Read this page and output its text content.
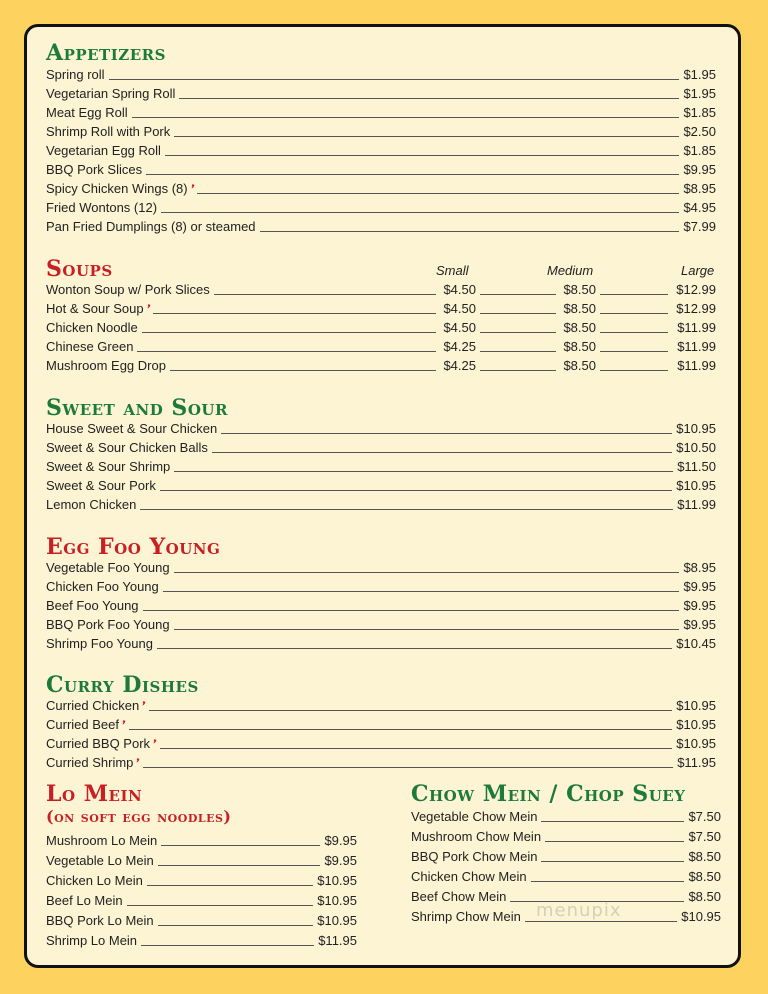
Appetizers
Spring roll	$1.95
Vegetarian Spring Roll	$1.95
Meat Egg Roll	$1.85
Shrimp Roll with Pork	$2.50
Vegetarian Egg Roll	$1.85
BBQ Pork Slices	$9.95
Spicy Chicken Wings (8) ❜	$8.95
Fried Wontons (12)	$4.95
Pan Fried Dumplings (8) or steamed	$7.99
Soups	Small	Medium	Large
Wonton Soup w/ Pork Slices	$4.50	$8.50	$12.99
Hot & Sour Soup ❜	$4.50	$8.50	$12.99
Chicken Noodle	$4.50	$8.50	$11.99
Chinese Green	$4.25	$8.50	$11.99
Mushroom Egg Drop	$4.25	$8.50	$11.99
Sweet and Sour
House Sweet & Sour Chicken	$10.95
Sweet & Sour Chicken Balls	$10.50
Sweet & Sour Shrimp	$11.50
Sweet & Sour Pork	$10.95
Lemon Chicken	$11.99
Egg Foo Young
Vegetable Foo Young	$8.95
Chicken Foo Young	$9.95
Beef Foo Young	$9.95
BBQ Pork Foo Young	$9.95
Shrimp Foo Young	$10.45
Curry Dishes
Curried Chicken ❜	$10.95
Curried Beef ❜	$10.95
Curried BBQ Pork ❜	$10.95
Curried Shrimp ❜	$11.95
Lo Mein
(on soft egg noodles)
Mushroom Lo Mein	$9.95
Vegetable Lo Mein	$9.95
Chicken Lo Mein	$10.95
Beef Lo Mein	$10.95
BBQ Pork Lo Mein	$10.95
Shrimp Lo Mein	$11.95
Chow Mein / Chop Suey
Vegetable Chow Mein	$7.50
Mushroom Chow Mein	$7.50
BBQ Pork Chow Mein	$8.50
Chicken Chow Mein	$8.50
Beef Chow Mein	$8.50
Shrimp Chow Mein	$10.95
menupix
